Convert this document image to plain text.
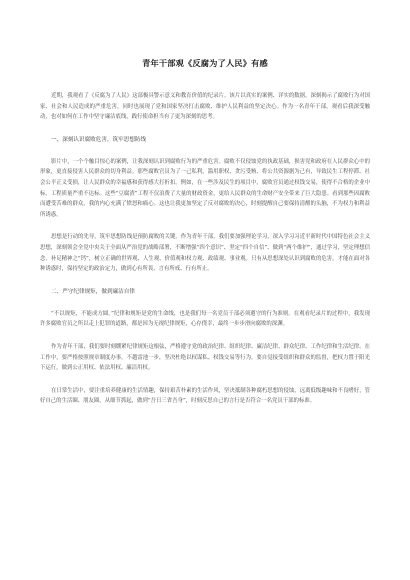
青年干部观《反腐为了人民》有感

近期，我观看了《反腐为了人民》这部极具警示意义和教育价值的纪录片。该片以真实的案例、详实的数据，深刻揭示了腐败行为对国家、社会和人民造成的严重危害。同时也展现了党和国家坚决打击腐败、维护人民利益的坚定决心。作为一名青年干部，观看后我深受触动，也对如何在工作中坚守廉洁底线，践行使命担当有了更为深刻的思考。

一、深刻认识腐败危害，筑牢思想防线

影片中，一个个触目惊心的案例，让我深刻认识到腐败行为的严重危害。腐败不仅侵蚀党的执政基础，损害党和政府在人民群众心中的形象，更直接侵害人民群众的切身利益。那些腐败官员为了一己私利，滥用职权、贪污受贿，将公共资源据为己有，导致民生工程停滞、社会公平正义受损，让人民群众的幸福感和获得感大打折扣。例如，在一些涉及民生的项目中，腐败官员通过权钱交易，使得不合格的企业中标，工程质量严重不达标。这些“豆腐渣”工程不仅浪费了大量的财政资金，更给人民群众的生命财产安全带来了巨大隐患。看到那些因腐败而遭受苦难的群众，我的内心充满了愤怒和痛心。这也让我更加坚定了反对腐败的决心，时刻提醒自己要保持清醒的头脑，不为权力和利益所诱惑。

思想是行动的先导，筑牢思想防线是预防腐败的关键。作为青年干部，我们要加强理论学习，深入学习习近平新时代中国特色社会主义思想，深刻领会全党中央关于全面从严治党的战略部署，不断增强“四个意识”、坚定“四个自信”、做到“两个维护”，通过学习，坚定理想信念，补足精神之“钙”，树立正确的世界观、人生观、价值观和权力观、政绩观、事业观。只有从思想深处认识到腐败的危害，才能在面对各种诱惑时，保持坚定的政治定力，做到心有所畏、言有所戒、行有所止。

二、严守纪律规矩，做到廉洁自律

“不以规矩，不能成方圆。”纪律和规矩是党的生命线，也是我们每一名党员干部必须遵守的行为准则。在观看纪录片的过程中，我发现许多腐败官员之所以走上犯罪的道路，都是因为无视纪律规矩，心存侥幸，最终一步步滑向腐败的深渊。

作为青年干部，我们要时刻绷紧纪律规矩这根弦，严格遵守党的政治纪律、组织纪律、廉洁纪律、群众纪律、工作纪律和生活纪律。在工作中，要严格按照规章制度办事，不越雷池一步，坚决杜绝以权谋私、权钱交易等行为。要自觉接受组织和群众的监督，把权力置于阳光下运行，做到公正用权、依法用权、廉洁用权。

在日常生活中，要注重培养健康的生活情趣，保持艰苦朴素的生活作风，坚决抵制各种腐朽思想的侵蚀，远离低级趣味和不良嗜好，管好自己的生活圈、朋友圈，从细节抓起，做到“吾日三省吾身”，时刻反思自己的言行是否符合一名党员干部的标准。
